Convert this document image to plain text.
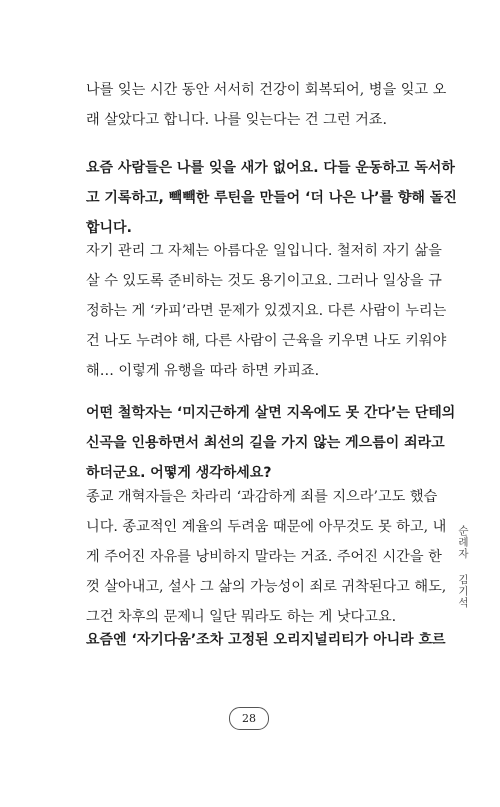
나를 잊는 시간 동안 서서히 건강이 회복되어, 병을 잊고 오
래 살았다고 합니다. 나를 잊는다는 건 그런 거죠.
요즘 사람들은 나를 잊을 새가 없어요. 다들 운동하고 독서하
고 기록하고, 빽빽한 루틴을 만들어 ‘더 나은 나’를 향해 돌진
합니다.
자기 관리 그 자체는 아름다운 일입니다. 철저히 자기 삶을
살 수 있도록 준비하는 것도 용기이고요. 그러나 일상을 규
정하는 게 ‘카피’라면 문제가 있겠지요. 다른 사람이 누리는
건 나도 누려야 해, 다른 사람이 근육을 키우면 나도 키워야
해… 이렇게 유행을 따라 하면 카피죠.
어떤 철학자는 ‘미지근하게 살면 지옥에도 못 간다’는 단테의
신곡을 인용하면서 최선의 길을 가지 않는 게으름이 죄라고
하더군요. 어떻게 생각하세요?
종교 개혁자들은 차라리 ‘과감하게 죄를 지으라’고도 했습
니다. 종교적인 계율의 두려움 때문에 아무것도 못 하고, 내
게 주어진 자유를 낭비하지 말라는 거죠. 주어진 시간을 한
껏 살아내고, 설사 그 삶의 가능성이 죄로 귀착된다고 해도,
그건 차후의 문제니 일단 뭐라도 하는 게 낫다고요.
요즘엔 ‘자기다움’조차 고정된 오리지널리티가 아니라 흐르
순례자 김기석
28
